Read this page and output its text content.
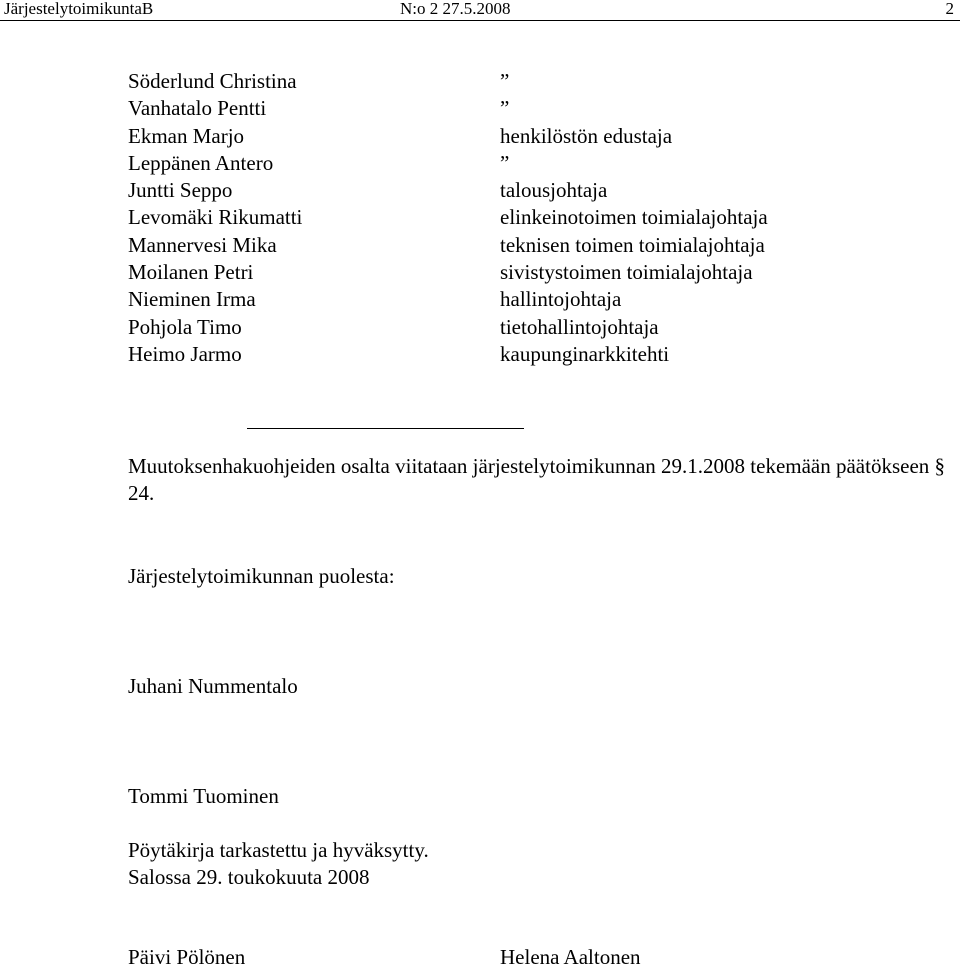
JärjestelytoimikuntaB	N:o 2 27.5.2008	2
Söderlund Christina	”
Vanhatalo Pentti	”
Ekman Marjo	henkilöstön edustaja
Leppänen Antero	”
Juntti Seppo	talousjohtaja
Levomäki Rikumatti	elinkeinotoimen toimialajohtaja
Mannervesi Mika	teknisen toimen toimialajohtaja
Moilanen Petri	sivistystoimen toimialajohtaja
Nieminen Irma	hallintojohtaja
Pohjola Timo	tietohallintojohtaja
Heimo Jarmo	kaupunginarkkitehti
Muutoksenhakuohjeiden osalta viitataan järjestelytoimikunnan 29.1.2008 tekemään päätökseen § 24.
Järjestelytoimikunnan puolesta:
Juhani Nummentalo
Tommi Tuominen
Pöytäkirja tarkastettu ja hyväksytty.
Salossa 29. toukokuuta 2008
Päivi Pölönen	Helena Aaltonen
